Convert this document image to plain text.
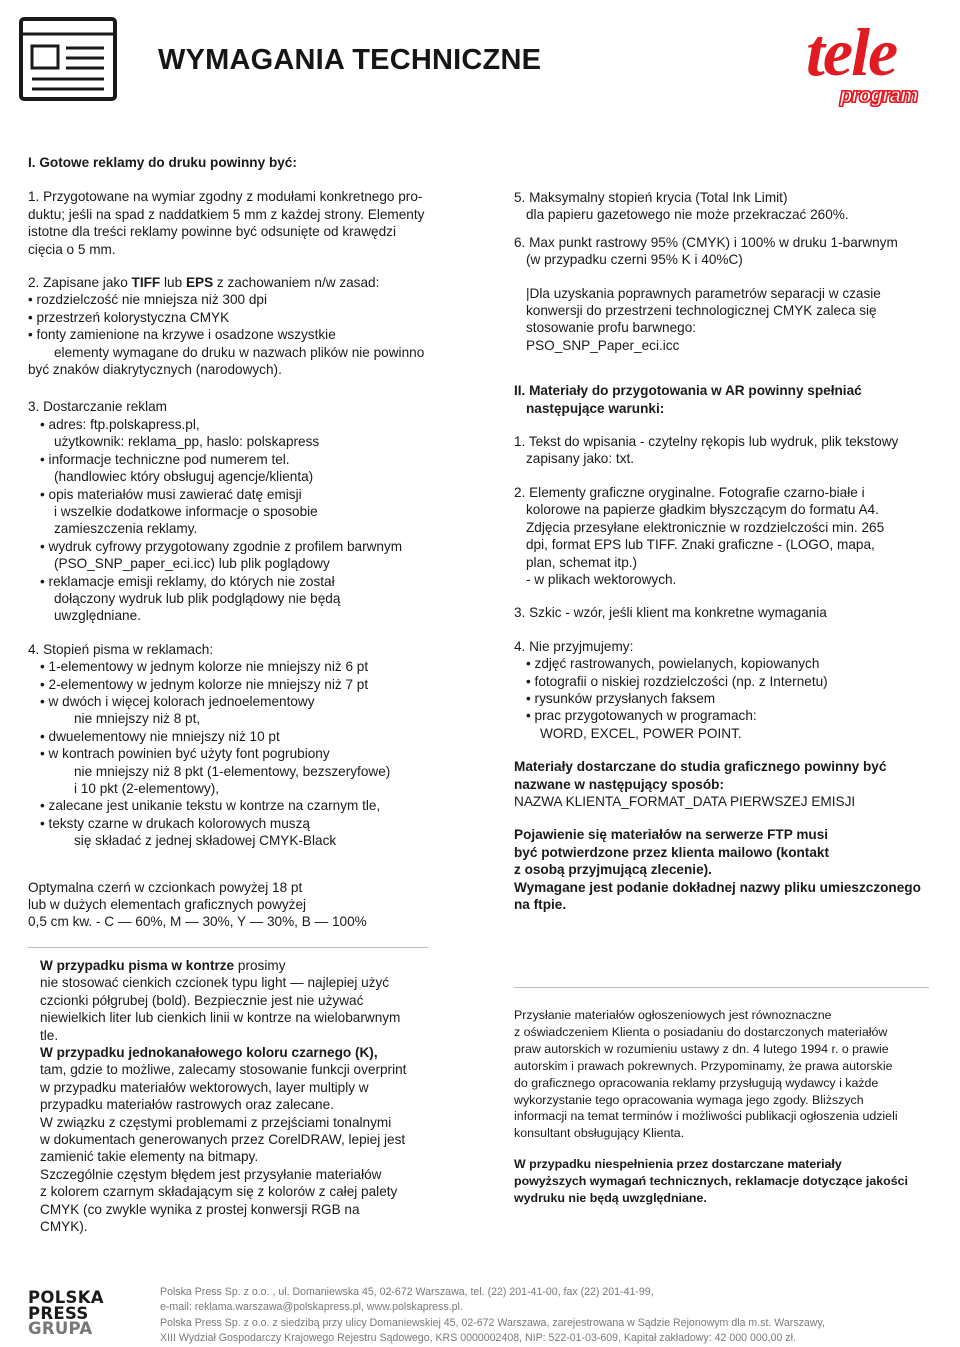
WYMAGANIA TECHNICZNE	tele
program

I. Gotowe reklamy do druku powinny być:

1. Przygotowane na wymiar zgodny z modułami konkretnego pro-

duktu; jeśli na spad z naddatkiem 5 mm z każdej strony. Elementy

istotne dla treści reklamy powinne być odsunięte od krawędzi

cięcia o 5 mm.

2. Zapisane jako TIFF lub EPS z zachowaniem n/w zasad:

• rozdzielczość nie mniejsza niż 300 dpi

• przestrzeń kolorystyczna CMYK

• fonty zamienione na krzywe i osadzone wszystkie

elementy wymagane do druku w nazwach plików nie powinno

być znaków diakrytycznych (narodowych).

3. Dostarczanie reklam

• adres: ftp.polskapress.pl,

użytkownik: reklama_pp, haslo: polskapress

• informacje techniczne pod numerem tel.

(handlowiec który obsługuj agencje/klienta)

• opis materiałów musi zawierać datę emisji

i wszelkie dodatkowe informacje o sposobie

zamieszczenia reklamy.

• wydruk cyfrowy przygotowany zgodnie z profilem barwnym

(PSO_SNP_paper_eci.icc) lub plik poglądowy

• reklamacje emisji reklamy, do których nie został

dołączony wydruk lub plik podglądowy nie będą

uwzględniane.

4. Stopień pisma w reklamach:

• 1-elementowy w jednym kolorze nie mniejszy niż 6 pt

• 2-elementowy w jednym kolorze nie mniejszy niż 7 pt

• w dwóch i więcej kolorach jednoelementowy

nie mniejszy niż 8 pt,

• dwuelementowy nie mniejszy niż 10 pt

• w kontrach powinien być użyty font pogrubiony

nie mniejszy niż 8 pkt (1-elementowy, bezszeryfowe)

i 10 pkt (2-elementowy),

• zalecane jest unikanie tekstu w kontrze na czarnym tle,

• teksty czarne w drukach kolorowych muszą

się składać z jednej składowej CMYK-Black

Optymalna czerń w czcionkach powyżej 18 pt

lub w dużych elementach graficznych powyżej

0,5 cm kw. - C — 60%, M — 30%, Y — 30%, B — 100%

W przypadku pisma w kontrze prosimy

nie stosować cienkich czcionek typu light — najlepiej użyć

czcionki półgrubej (bold). Bezpiecznie jest nie używać

niewielkich liter lub cienkich linii w kontrze na wielobarwnym

tle.

W przypadku jednokanałowego koloru czarnego (K),

tam, gdzie to możliwe, zalecamy stosowanie funkcji overprint

w przypadku materiałów wektorowych, layer multiply w

przypadku materiałów rastrowych oraz zalecane.

W związku z częstymi problemami z przejściami tonalnymi

w dokumentach generowanych przez CorelDRAW, lepiej jest

zamienić takie elementy na bitmapy.

Szczególnie częstym błędem jest przysyłanie materiałów

z kolorem czarnym składającym się z kolorów z całej palety

CMYK (co zwykle wynika z prostej konwersji RGB na

CMYK).

5. Maksymalny stopień krycia (Total Ink Limit)

dla papieru gazetowego nie może przekraczać 260%.

6. Max punkt rastrowy 95% (CMYK) i 100% w druku 1-barwnym

(w przypadku czerni 95% K i 40%C)

|Dla uzyskania poprawnych parametrów separacji w czasie

konwersji do przestrzeni technologicznej CMYK zaleca się

stosowanie profu barwnego:

PSO_SNP_Paper_eci.icc

II. Materiały do przygotowania w AR powinny spełniać

następujące warunki:

1. Tekst do wpisania - czytelny rękopis lub wydruk, plik tekstowy

zapisany jako: txt.

2. Elementy graficzne oryginalne. Fotografie czarno-białe i

kolorowe na papierze gładkim błyszczącym do formatu A4.

Zdjęcia przesyłane elektronicznie w rozdzielczości min. 265

dpi, format EPS lub TIFF. Znaki graficzne - (LOGO, mapa,

plan, schemat itp.)

- w plikach wektorowych.

3. Szkic - wzór, jeśli klient ma konkretne wymagania

4. Nie przyjmujemy:

• zdjęć rastrowanych, powielanych, kopiowanych

• fotografii o niskiej rozdzielczości (np. z Internetu)

• rysunków przysłanych faksem

• prac przygotowanych w programach:

WORD, EXCEL, POWER POINT.

Materiały dostarczane do studia graficznego powinny być

nazwane w następujący sposób:

NAZWA KLIENTA_FORMAT_DATA PIERWSZEJ EMISJI

Pojawienie się materiałów na serwerze FTP musi

być potwierdzone przez klienta mailowo (kontakt

z osobą przyjmującą zlecenie).

Wymagane jest podanie dokładnej nazwy pliku umieszczonego

na ftpie.

Przysłanie materiałów ogłoszeniowych jest równoznaczne

z oświadczeniem Klienta o posiadaniu do dostarczonych materiałów

praw autorskich w rozumieniu ustawy z dn. 4 lutego 1994 r. o prawie

autorskim i prawach pokrewnych. Przypominamy, że prawa autorskie

do graficznego opracowania reklamy przysługują wydawcy i każde

wykorzystanie tego opracowania wymaga jego zgody. Bliższych

informacji na temat terminów i możliwości publikacji ogłoszenia udzieli

konsultant obsługujący Klienta.

W przypadku niespełnienia przez dostarczane materiały

powyższych wymagań technicznych, reklamacje dotyczące jakości

wydruku nie będą uwzględniane.

POLSKA
PRESS
GRUPA

Polska Press Sp. z o.o. , ul. Domaniewska 45, 02-672 Warszawa, tel. (22) 201-41-00, fax (22) 201-41-99,

e-mail: reklama.warszawa@polskapress.pl, www.polskapress.pl.

Polska Press Sp. z o.o. z siedzibą przy ulicy Domaniewskiej 45, 02-672 Warszawa, zarejestrowana w Sądzie Rejonowym dla m.st. Warszawy,

XIII Wydział Gospodarczy Krajowego Rejestru Sądowego, KRS 0000002408, NIP: 522-01-03-609, Kapitał zakładowy: 42 000 000,00 zł.
